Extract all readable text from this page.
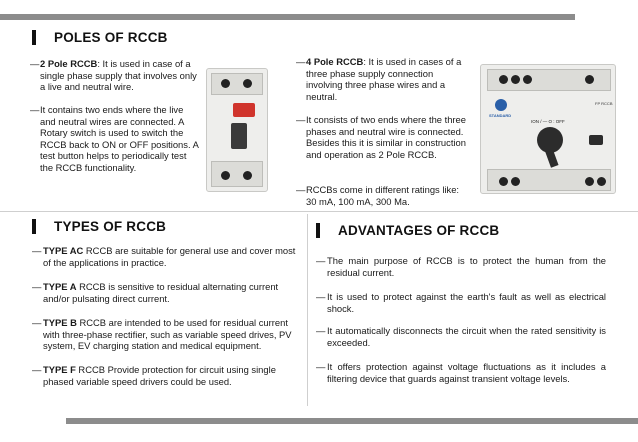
POLES OF RCCB
— 2 Pole RCCB: It is used in case of a single phase supply that involves only a live and neutral wire.
— It contains two ends where the live and neutral wires are connected. A Rotary switch is used to switch the RCCB back to ON or OFF positions. A test button helps to periodically test the RCCB functionality.
— 4 Pole RCCB: It is used in cases of a three phase supply connection involving three phase wires and a neutral.
— It consists of two ends where the three phases and neutral wire is connected. Besides this it is similar in construction and operation as 2 Pole RCCB.
— RCCBs come in different ratings like: 30 mA, 100 mA, 300 Ma.
STANDARD
ION / — O : OFF
FP RCCB
TYPES OF RCCB
— TYPE AC RCCB are suitable for general use and cover most of the applications in practice.
— TYPE A RCCB is sensitive to residual alternating current and/or pulsating direct current.
— TYPE B RCCB are intended to be used for residual current with three-phase rectifier, such as variable speed drives, PV system, EV charging station and medical equipment.
— TYPE F RCCB Provide protection for circuit using single phased variable speed drivers could be used.
ADVANTAGES OF RCCB
— The main purpose of RCCB is to protect the human from the residual current.
— It is used to protect against the earth's fault as well as electrical shock.
— It automatically disconnects the circuit when the rated sensitivity is exceeded.
— It offers protection against voltage fluctuations as it includes a filtering device that guards against transient voltage levels.
